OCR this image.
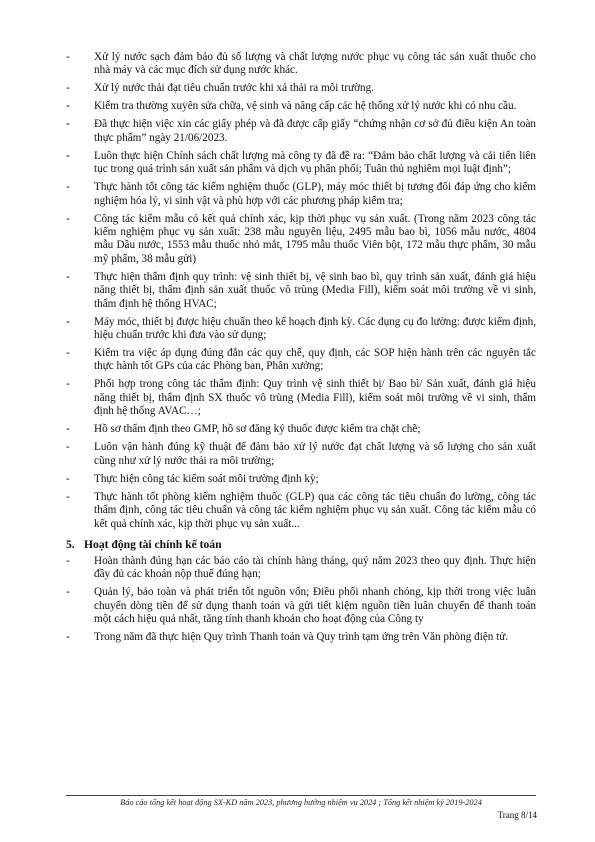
-	Xử lý nước sạch đảm bảo đủ số lượng và chất lượng nước phục vụ công tác sản xuất thuốc cho nhà máy và các mục đích sử dụng nước khác.
-	Xử lý nước thải đạt tiêu chuẩn trước khi xả thải ra môi trường.
-	Kiểm tra thường xuyên sửa chữa, vệ sinh và nâng cấp các hệ thống xử lý nước khi có nhu cầu.
-	Đã thực hiện việc xin các giấy phép và đã được cấp giấy “chứng nhận cơ sở đủ điều kiện An toàn thực phẩm” ngày 21/06/2023.
-	Luôn thực hiện Chính sách chất lượng mà công ty đã đề ra: “Đảm bảo chất lượng và cải tiến liên tục trong quá trình sản xuất sản phẩm và dịch vụ phân phối; Tuân thủ nghiêm mọi luật định”;
-	Thực hành tốt công tác kiểm nghiệm thuốc (GLP), máy móc thiết bị tương đối đáp ứng cho kiểm nghiệm hóa lý, vi sinh vật và phù hợp với các phương pháp kiểm tra;
-	Công tác kiểm mẫu có kết quả chính xác, kịp thời phục vụ sản xuất. (Trong năm 2023 công tác kiểm nghiệm phục vụ sản xuất: 238 mẫu nguyên liệu, 2495 mẫu bao bì, 1056 mẫu nước, 4804 mẫu Dầu nước, 1553 mẫu thuốc nhỏ mắt, 1795 mẫu thuốc Viên bột, 172 mẫu thực phẩm, 30 mẫu mỹ phẩm, 38 mẫu gửi)
-	Thực hiện thẩm định quy trình: vệ sinh thiết bị, vệ sinh bao bì, quy trình sản xuất, đánh giá hiệu năng thiết bị, thẩm định sản xuất thuốc vô trùng (Media Fill), kiểm soát môi trường về vi sinh, thẩm định hệ thống HVAC;
-	Máy móc, thiết bị được hiệu chuẩn theo kế hoạch định kỳ. Các dụng cụ đo lường: được kiểm định, hiệu chuẩn trước khi đưa vào sử dụng;
-	Kiểm tra việc áp dụng đúng đắn các quy chế, quy định, các SOP hiện hành trên các nguyên tắc thực hành tốt GPs của các Phòng ban, Phân xưởng;
-	Phối hợp trong công tác thẩm định: Quy trình vệ sinh thiết bị/ Bao bì/ Sản xuất, đánh giá hiệu năng thiết bị, thẩm định SX thuốc vô trùng (Media Fill), kiểm soát môi trường về vi sinh, thẩm định hệ thống AVAC…;
-	Hồ sơ thẩm định theo GMP, hồ sơ đăng ký thuốc được kiểm tra chặt chẽ;
-	Luôn vận hành đúng kỹ thuật để đảm bảo xử lý nước đạt chất lượng và số lượng cho sản xuất cũng như xử lý nước thải ra môi trường;
-	Thực hiện công tác kiểm soát môi trường định kỳ;
-	Thực hành tốt phòng kiểm nghiệm thuốc (GLP) qua các công tác tiêu chuẩn đo lường, công tác thẩm định, công tác tiêu chuẩn và công tác kiểm nghiệm phục vụ sản xuất. Công tác kiểm mẫu có kết quả chính xác, kịp thời phục vụ sản xuất...
5. Hoạt động tài chính kế toán
-	Hoàn thành đúng hạn các báo cáo tài chính hàng tháng, quý năm 2023 theo quy định. Thực hiện đầy đủ các khoản nộp thuế đúng hạn;
-	Quản lý, bảo toàn và phát triển tốt nguồn vốn; Điều phối nhanh chóng, kịp thời trong việc luân chuyển dòng tiền để sử dụng thanh toán và gửi tiết kiệm nguồn tiền luân chuyển để thanh toán một cách hiệu quả nhất, tăng tính thanh khoản cho hoạt động của Công ty
-	Trong năm đã thực hiện Quy trình Thanh toán và Quy trình tạm ứng trên Văn phòng điện tử.
Báo cáo tổng kết hoạt động SX-KD năm 2023, phương hướng nhiệm vụ 2024 ; Tổng kết nhiệm kỳ 2019-2024
Trang 8/14
